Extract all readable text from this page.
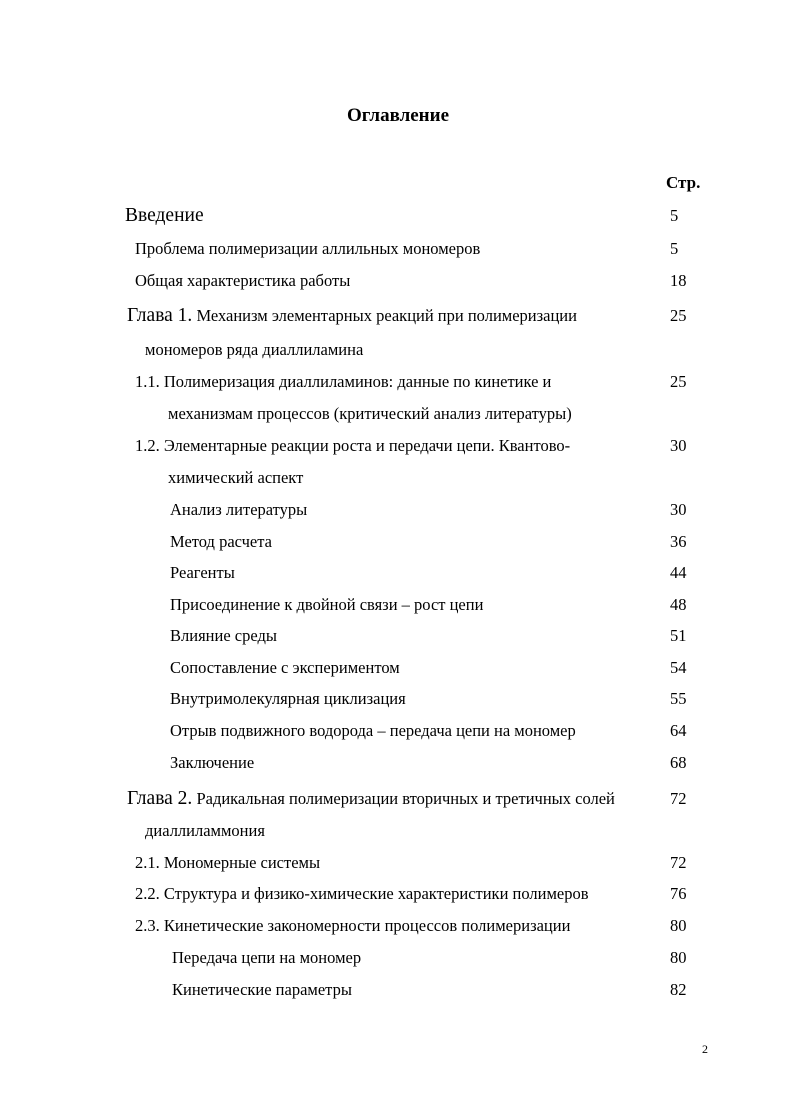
Оглавление
Стр.
Введение	5
Проблема полимеризации аллильных мономеров	5
Общая характеристика работы	18
Глава 1. Механизм элементарных реакций при полимеризации	25
мономеров ряда диаллиламина
1.1. Полимеризация диаллиламинов: данные по кинетике и	25
механизмам процессов (критический анализ литературы)
1.2. Элементарные реакции роста и передачи цепи. Квантово-	30
химический аспект
Анализ литературы	30
Метод расчета	36
Реагенты	44
Присоединение к двойной связи – рост цепи	48
Влияние среды	51
Сопоставление с экспериментом	54
Внутримолекулярная циклизация	55
Отрыв подвижного водорода – передача цепи на мономер	64
Заключение	68
Глава 2. Радикальная полимеризации вторичных и третичных солей	72
диаллиламмония
2.1. Мономерные системы	72
2.2. Структура и физико-химические характеристики полимеров	76
2.3. Кинетические закономерности процессов полимеризации	80
Передача цепи на мономер	80
Кинетические параметры	82
2
